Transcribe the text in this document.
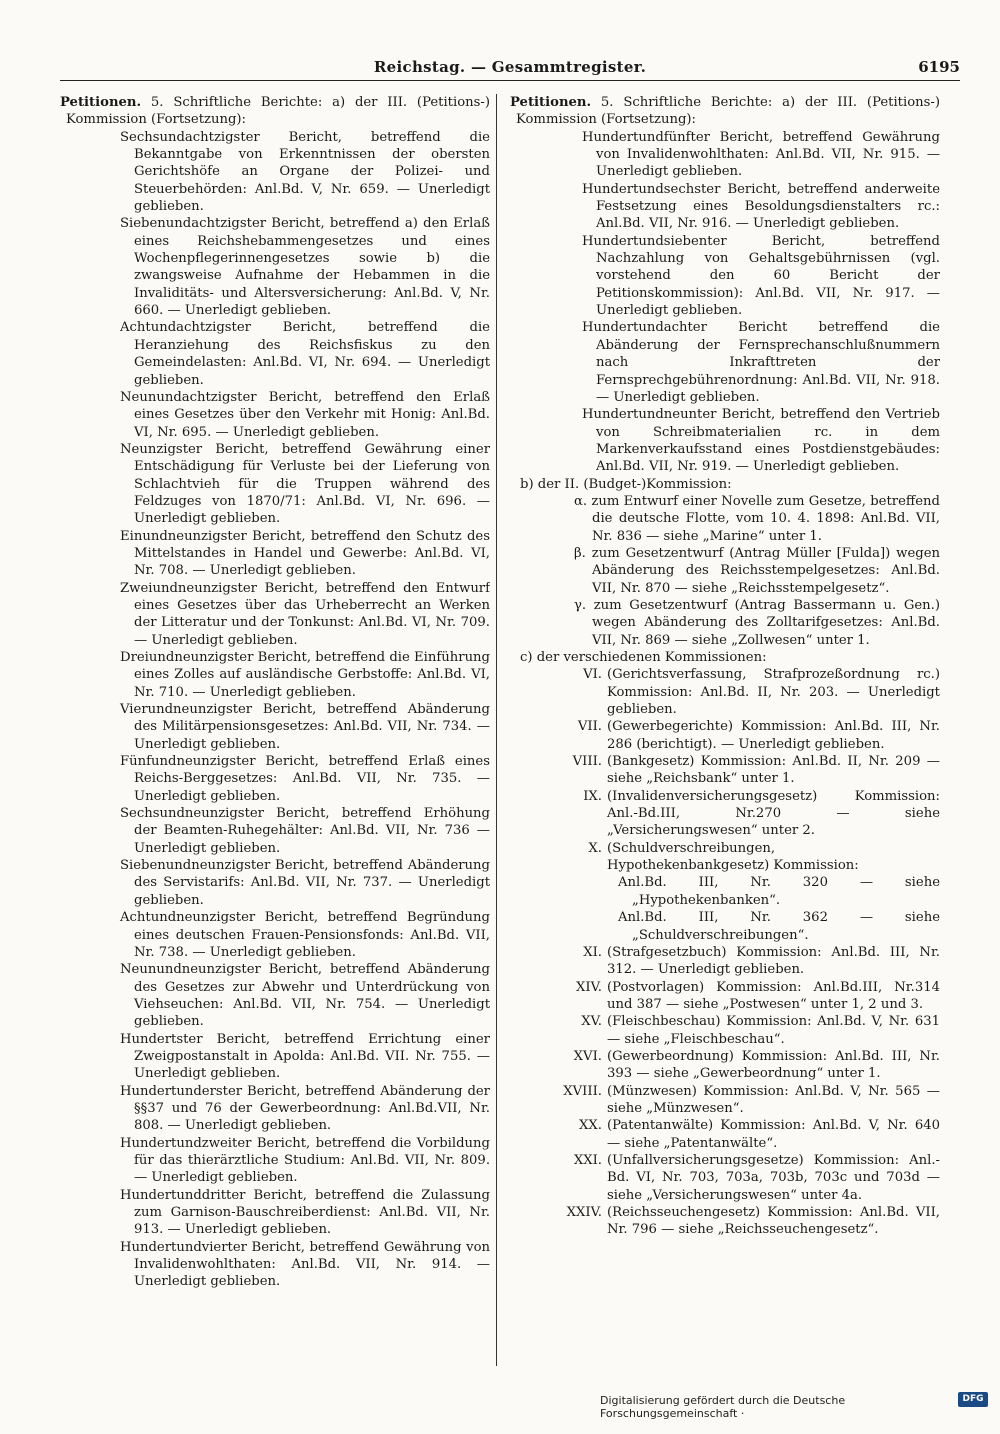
Reichstag. — Gesammtregister.	6195

Petitionen. 5. Schriftliche Berichte: a) der III. (Petitions-) Kommission (Fortsetzung):

Sechsundachtzigster Bericht, betreffend die Bekanntgabe von Erkenntnissen der obersten Gerichtshöfe an Organe der Polizei- und Steuerbehörden: Anl.Bd. V, Nr. 659. — Unerledigt geblieben.
Siebenundachtzigster Bericht, betreffend a) den Erlaß eines Reichshebammengesetzes und eines Wochenpflegerinnengesetzes sowie b) die zwangsweise Aufnahme der Hebammen in die Invaliditäts- und Altersversicherung: Anl.Bd. V, Nr. 660. — Unerledigt geblieben.
Achtundachtzigster Bericht, betreffend die Heranziehung des Reichsfiskus zu den Gemeindelasten: Anl.Bd. VI, Nr. 694. — Unerledigt geblieben.
Neunundachtzigster Bericht, betreffend den Erlaß eines Gesetzes über den Verkehr mit Honig: Anl.Bd. VI, Nr. 695. — Unerledigt geblieben.
Neunzigster Bericht, betreffend Gewährung einer Entschädigung für Verluste bei der Lieferung von Schlachtvieh für die Truppen während des Feldzuges von 1870/71: Anl.Bd. VI, Nr. 696. — Unerledigt geblieben.
Einundneunzigster Bericht, betreffend den Schutz des Mittelstandes in Handel und Gewerbe: Anl.Bd. VI, Nr. 708. — Unerledigt geblieben.
Zweiundneunzigster Bericht, betreffend den Entwurf eines Gesetzes über das Urheberrecht an Werken der Litteratur und der Tonkunst: Anl.Bd. VI, Nr. 709. — Unerledigt geblieben.
Dreiundneunzigster Bericht, betreffend die Einführung eines Zolles auf ausländische Gerbstoffe: Anl.Bd. VI, Nr. 710. — Unerledigt geblieben.
Vierundneunzigster Bericht, betreffend Abänderung des Militärpensionsgesetzes: Anl.Bd. VII, Nr. 734. — Unerledigt geblieben.
Fünfundneunzigster Bericht, betreffend Erlaß eines Reichs-Berggesetzes: Anl.Bd. VII, Nr. 735. — Unerledigt geblieben.
Sechsundneunzigster Bericht, betreffend Erhöhung der Beamten-Ruhegehälter: Anl.Bd. VII, Nr. 736 — Unerledigt geblieben.
Siebenundneunzigster Bericht, betreffend Abänderung des Servistarifs: Anl.Bd. VII, Nr. 737. — Unerledigt geblieben.
Achtundneunzigster Bericht, betreffend Begründung eines deutschen Frauen-Pensionsfonds: Anl.Bd. VII, Nr. 738. — Unerledigt geblieben.
Neunundneunzigster Bericht, betreffend Abänderung des Gesetzes zur Abwehr und Unterdrückung von Viehseuchen: Anl.Bd. VII, Nr. 754. — Unerledigt geblieben.
Hundertster Bericht, betreffend Errichtung einer Zweigpostanstalt in Apolda: Anl.Bd. VII. Nr. 755. — Unerledigt geblieben.
Hundertunderster Bericht, betreffend Abänderung der §§37 und 76 der Gewerbeordnung: Anl.Bd.VII, Nr. 808. — Unerledigt geblieben.
Hundertundzweiter Bericht, betreffend die Vorbildung für das thierärztliche Studium: Anl.Bd. VII, Nr. 809. — Unerledigt geblieben.
Hundertunddritter Bericht, betreffend die Zulassung zum Garnison-Bauschreiberdienst: Anl.Bd. VII, Nr. 913. — Unerledigt geblieben.
Hundertundvierter Bericht, betreffend Gewährung von Invalidenwohlthaten: Anl.Bd. VII, Nr. 914. — Unerledigt geblieben.

Petitionen. 5. Schriftliche Berichte: a) der III. (Petitions-) Kommission (Fortsetzung):

Hundertundfünfter Bericht, betreffend Gewährung von Invalidenwohlthaten: Anl.Bd. VII, Nr. 915. — Unerledigt geblieben.
Hundertundsechster Bericht, betreffend anderweite Festsetzung eines Besoldungsdienstalters rc.: Anl.Bd. VII, Nr. 916. — Unerledigt geblieben.
Hundertundsiebenter Bericht, betreffend Nachzahlung von Gehaltsgebührnissen (vgl. vorstehend den 60 Bericht der Petitionskommission): Anl.Bd. VII, Nr. 917. — Unerledigt geblieben.
Hundertundachter Bericht betreffend die Abänderung der Fernsprechanschlußnummern nach Inkrafttreten der Fernsprechgebührenordnung: Anl.Bd. VII, Nr. 918. — Unerledigt geblieben.
Hundertundneunter Bericht, betreffend den Vertrieb von Schreibmaterialien rc. in dem Markenverkaufsstand eines Postdienstgebäudes: Anl.Bd. VII, Nr. 919. — Unerledigt geblieben.
b) der II. (Budget-)Kommission:
α. zum Entwurf einer Novelle zum Gesetze, betreffend die deutsche Flotte, vom 10. 4. 1898: Anl.Bd. VII, Nr. 836 — siehe „Marine“ unter 1.
β. zum Gesetzentwurf (Antrag Müller [Fulda]) wegen Abänderung des Reichsstempelgesetzes: Anl.Bd. VII, Nr. 870 — siehe „Reichsstempelgesetz“.
γ. zum Gesetzentwurf (Antrag Bassermann u. Gen.) wegen Abänderung des Zolltarifgesetzes: Anl.Bd. VII, Nr. 869 — siehe „Zollwesen“ unter 1.
c) der verschiedenen Kommissionen:
VI. (Gerichtsverfassung, Strafprozeßordnung rc.) Kommission: Anl.Bd. II, Nr. 203. — Unerledigt geblieben.
VII. (Gewerbegerichte) Kommission: Anl.Bd. III, Nr. 286 (berichtigt). — Unerledigt geblieben.
VIII. (Bankgesetz) Kommission: Anl.Bd. II, Nr. 209 — siehe „Reichsbank“ unter 1.
IX. (Invalidenversicherungsgesetz) Kommission: Anl.-Bd.III, Nr.270 — siehe „Versicherungswesen“ unter 2.
X. (Schuldverschreibungen, Hypothekenbankgesetz) Kommission:
Anl.Bd. III, Nr. 320 — siehe „Hypothekenbanken“.
Anl.Bd. III, Nr. 362 — siehe „Schuldverschreibungen“.
XI. (Strafgesetzbuch) Kommission: Anl.Bd. III, Nr. 312. — Unerledigt geblieben.
XIV. (Postvorlagen) Kommission: Anl.Bd.III, Nr.314 und 387 — siehe „Postwesen“ unter 1, 2 und 3.
XV. (Fleischbeschau) Kommission: Anl.Bd. V, Nr. 631 — siehe „Fleischbeschau“.
XVI. (Gewerbeordnung) Kommission: Anl.Bd. III, Nr. 393 — siehe „Gewerbeordnung“ unter 1.
XVIII. (Münzwesen) Kommission: Anl.Bd. V, Nr. 565 — siehe „Münzwesen“.
XX. (Patentanwälte) Kommission: Anl.Bd. V, Nr. 640 — siehe „Patentanwälte“.
XXI. (Unfallversicherungsgesetze) Kommission: Anl.-Bd. VI, Nr. 703, 703a, 703b, 703c und 703d — siehe „Versicherungswesen“ unter 4a.
XXIV. (Reichsseuchengesetz) Kommission: Anl.Bd. VII, Nr. 796 — siehe „Reichsseuchengesetz“.
Digitalisierung gefördert durch die Deutsche Forschungsgemeinschaft ·
DFG
